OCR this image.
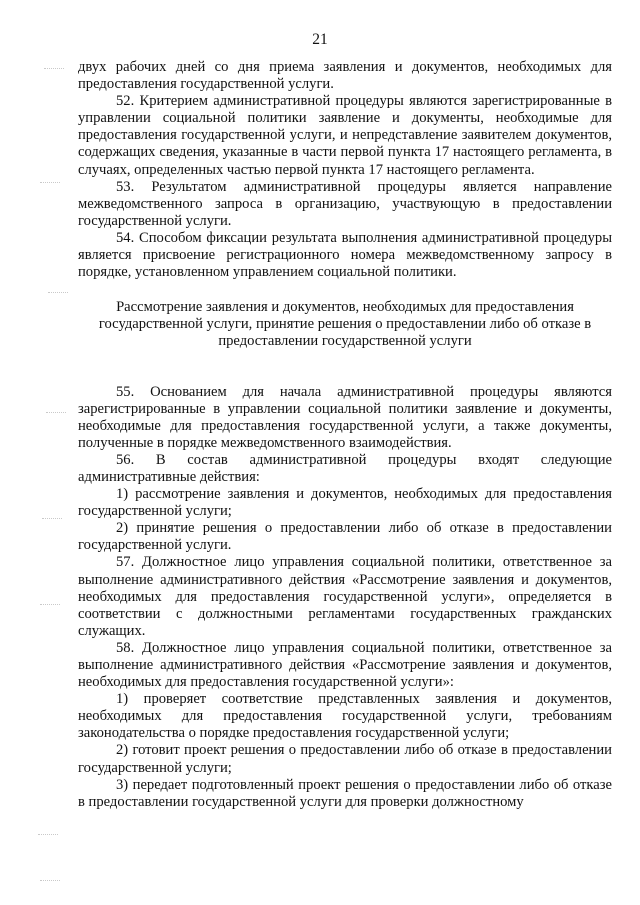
21

двух рабочих дней со дня приема заявления и документов, необходимых для предоставления государственной услуги.

52. Критерием административной процедуры являются зарегистрированные в управлении социальной политики заявление и документы, необходимые для предоставления государственной услуги, и непредставление заявителем документов, содержащих сведения, указанные в части первой пункта 17 настоящего регламента, в случаях, определенных частью первой пункта 17 настоящего регламента.

53. Результатом административной процедуры является направление межведомственного запроса в организацию, участвующую в предоставлении государственной услуги.

54. Способом фиксации результата выполнения административной процедуры является присвоение регистрационного номера межведомственному запросу в порядке, установленном управлением социальной политики.

Рассмотрение заявления и документов, необходимых для предоставления государственной услуги, принятие решения о предоставлении либо об отказе в предоставлении государственной услуги

55. Основанием для начала административной процедуры являются зарегистрированные в управлении социальной политики заявление и документы, необходимые для предоставления государственной услуги, а также документы, полученные в порядке межведомственного взаимодействия.

56. В состав административной процедуры входят следующие административные действия:

1) рассмотрение заявления и документов, необходимых для предоставления государственной услуги;

2) принятие решения о предоставлении либо об отказе в предоставлении государственной услуги.

57. Должностное лицо управления социальной политики, ответственное за выполнение административного действия «Рассмотрение заявления и документов, необходимых для предоставления государственной услуги», определяется в соответствии с должностными регламентами государственных гражданских служащих.

58. Должностное лицо управления социальной политики, ответственное за выполнение административного действия «Рассмотрение заявления и документов, необходимых для предоставления государственной услуги»:

1) проверяет соответствие представленных заявления и документов, необходимых для предоставления государственной услуги, требованиям законодательства о порядке предоставления государственной услуги;

2) готовит проект решения о предоставлении либо об отказе в предоставлении государственной услуги;

3) передает подготовленный проект решения о предоставлении либо об отказе в предоставлении государственной услуги для проверки должностному
